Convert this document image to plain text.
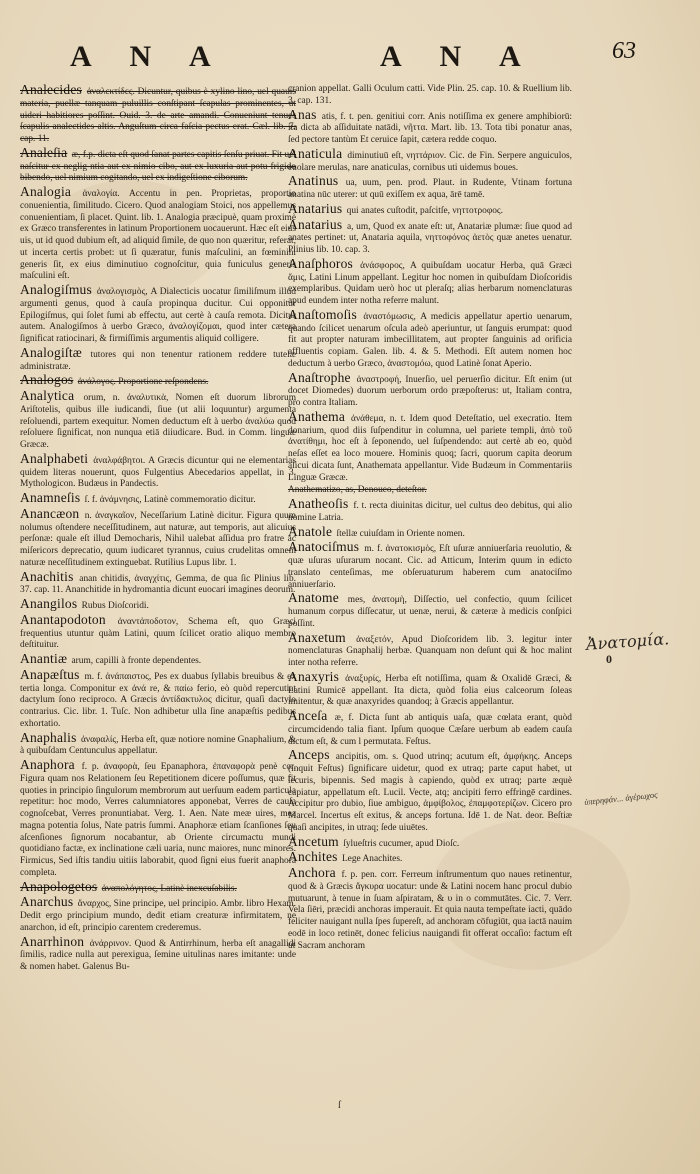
A N A	A N A	63
Analecides ἀναλεκτίδες. Dicuntur, quibus è xylino lino, uel quauis materia, puellæ tanquam puluillis conſtipant ſcapulas prominentes, ut uideri habitiores poſſint. Ouid. 3. de arte amandi. Conueniunt tenues ſcapulis analectides altis. Anguſtum circa faſcia pectus erat. Cæl. lib. 7. cap. 11.
Analeſia æ, f.p. dicta eſt quod ſanat partes capitis ſenſu priuat. Fit uel naſcitur ex neglig ntia aut ex nimio cibo, aut ex luxuria aut potu frigido bibendo, uel nimium cogitando, uel ex indigeſtione ciborum.
Analogia ἀναλογία. Accentu in pen. Proprietas, proportio conuenientia, ſimilitudo. Cicero. Quod analogiam Stoici, nos appellemus conuenientiam, ſi placet. Quint. lib. 1. Analogia præcipuè, quam proximè ex Græco transferentes in latinum Proportionem uocauerunt. Hæc eſt eius uis, ut id quod dubium eſt, ad aliquid ſimile, de quo non quæritur, referat, ut incerta certis probet: ut ſi quæratur, funis maſculini, an fœminini generis ſit, ex eius diminutiuo cognoſcitur, quia funiculus generis maſculini eſt.
Analogiſmus ἀναλογισμὸς, A Dialecticis uocatur ſimiliſmum illud argumenti genus, quod à cauſa propinqua ducitur. Cui opponitur Epilogiſmus, qui ſolet ſumi ab effectu, aut certè à cauſa remota. Dicitur autem. Analogiſmos à uerbo Græco, ἀναλογίζομαι, quod inter cætera ſignificat ratiocinari, & firmiſſimis argumentis aliquid colligere.
Analogiſtæ tutores qui non tenentur rationem reddere tutelæ administratæ.
Analogos ἀνάλογος. Proportione reſpondens.
Analytica orum, n. ἀναλυτικὰ, Nomen eſt duorum librorum Ariſtotelis, quibus ille iudicandi, ſiue (ut alii loquuntur) argumenta reſoluendi, partem exequitur. Nomen deductum eſt à uerbo ἀναλύω quod reſoluere ſignificat, non nunqua etiā diiudicare. Bud. in Comm. linguæ Græcæ.
Analphabeti ἀναλφάβητοι. A Græcis dicuntur qui ne elementarias quidem literas nouerunt, quos Fulgentius Abecedarios appellat, in 3. Mythologicon. Budæus in Pandectis.
Anamneſis ſ. f. ἀνάμνησις, Latinè commemoratio dicitur.
Anancæon n. ἀναγκαῖον, Neceſſarium Latinè dicitur. Figura quum nolumus oſtendere neceſſitudinem, aut naturæ, aut temporis, aut alicuius perſonæ: quale eſt illud Democharis, Nihil ualebat aſſidua pro fratre ac miſericors deprecatio, quum iudicaret tyrannus, cuius crudelitas omnem naturæ neceſſitudinem extinguebat. Rutilius Lupus libr. 1.
Anachitis anan chitidis, ἀναγχίτις, Gemma, de qua ſic Plinius lib. 37. cap. 11. Ananchitide in hydromantia dicunt euocari imagines deorum.
Anangilos Rubus Dioſcoridi.
Anantapodoton ἀναντἀποδοτον, Schema eſt, quo Græci frequentius utuntur quàm Latini, quum ſcilicet oratio aliquo membro deſtituitur.
Anantiæ arum, capilli à fronte dependentes.
Anapæſtus m. f. ἀνάπαιστος, Pes ex duabus ſyllabis breuibus & ex tertia longa. Componitur ex ἀνά re, & παίω ferio, eò quòd repercutiat dactylum ſono reciproco. A Græcis ἀντίδακτυλος dicitur, quaſi dactylo contrarius. Cic. libr. 1. Tuſc. Non adhibetur ulla ſine anapæſtis pedibus exhortatio.
Anaphalis ἀναφαλίς, Herba eſt, quæ notiore nomine Gnaphalium, & à quibuſdam Centunculus appellatur.
Anaphora f. p. ἀναφορὰ, ſeu Epanaphora, ἐπαναφορὰ penè cor. Figura quam nos Relationem ſeu Repetitionem dicere poſſumus, quæ fit quoties in principio ſingulorum membrorum aut uerſuum eadem particula repetitur: hoc modo, Verres calumniatores apponebat, Verres de cauſa cognoſcebat, Verres pronuntiabat. Verg. 1. Aen. Nate meæ uires, mea magna potentia ſolus, Nate patris ſummi. Anaphoræ etiam ſcanſiones ſeu aſcenſiones ſignorum nocabantur, ab Oriente circumactu mundi quotidiano factæ, ex inclinatione cæli uaria, nunc maiores, nunc minores. Firmicus, Sed iſtis tandiu uitiis laborabit, quod ſigni eius fuerit anaphora completa.
Anapologetos ἀναπολόγητος, Latinè inexcuſabilis.
Anarchus ἄναρχος, Sine principe, uel principio. Ambr. libro Hexam. Dedit ergo principium mundo, dedit etiam creaturæ infirmitatem, ne anarchon, id eſt, principio carentem crederemus.
Anarrhinon ἀνάρρινον. Quod & Antirrhinum, herba eſt anagallidi ſimilis, radice nulla aut perexigua, ſemine uitulinas nares imitante: unde & nomen habet. Galenus Bu-
cranion appellat. Galli Oculum catti. Vide Plin. 25. cap. 10. & Ruellium lib. 3. cap. 131.
Anas atis, f. t. pen. genitiui corr. Anis notiſſima ex genere amphibiorū: ita dicta ab aſſiduitate natādi, νῆττα. Mart. lib. 13. Tota tibi ponatur anas, ſed pectore tantùm Et ceruice ſapit, cætera redde coquo.
Anaticula diminutiuū eſt, νηττάριον. Cic. de Fin. Serpere anguiculos, euolare merulas, nare anaticulas, cornibus uti uidemus boues.
Anatinus ua, uum, pen. prod. Plaut. in Rudente, Vtinam fortuna anatina nūc uterer: ut quū exiſſem ex aqua, ārē tamē.
Anatarius qui anates cuſtodit, paſcitſe, νηττοτροφος.
Anatarius a, um, Quod ex anate eſt: ut, Anatariæ plumæ: ſiue quod ad anates pertinet: ut, Anataria aquila, νηττοφόνος ἀετὸς quæ anetes uenatur. Plinius lib. 10. cap. 3.
Anaſphoros ἀνάσφορος, A quibuſdam uocatur Herba, quā Græci ἄμις, Latini Linum appellant. Legitur hoc nomen in quibuſdam Dioſcoridis exemplaribus. Quidam uerò hoc ut pleraſq; alias herbarum nomenclaturas apud eundem inter notha referre malunt.
Anaſtomoſis ἀναστόμωσις, A medicis appellatur apertio uenarum, quando ſcilicet uenarum oſcula adeò aperiuntur, ut ſanguis erumpat: quod fit aut propter naturam imbecillitatem, aut propter ſanguinis ad orificia affluentis copiam. Galen. lib. 4. & 5. Methodi. Eſt autem nomen hoc deductum à uerbo Græco, ἀναστομόω, quod Latinè ſonat Aperio.
Anaſtrophe ἀναστροφή, Inuerſio, uel peruerſio dicitur. Eſt enim (ut docet Diomedes) duorum uerborum ordo præpoſterus: ut, Italiam contra, pro contra Italiam.
Anathema ἀνάθεμα, n. t. Idem quod Deteſtatio, uel execratio. Item donarium, quod diis ſuſpenditur in columna, uel pariete templi, ἀπὸ τοῦ ἀνατίθημι, hoc eſt à ſeponendo, uel ſuſpendendo: aut certè ab eo, quòd neſas eſſet ea loco mouere. Hominis quoq; ſacri, quorum capita deorum alicui dicata ſunt, Anathemata appellantur. Vide Budæum in Commentariis Linguæ Græcæ.
Anathematizo, as, Denoueo, deteſtor.
Anatheoſis f. t. recta diuinitas dicitur, uel cultus deo debitus, qui alio nomine Latria.
Anatole ſtellæ cuiuſdam in Oriente nomen.
Anatociſmus m. f. ἀνατοκισμὸς, Eſt uſuræ anniuerſaria reuolutio, & quæ uſuras uſurarum nocant. Cic. ad Atticum, Interim quum in edicto translato centeſimas, me obſeruaturum haberem cum anatociſmo anniuerſario.
Anatome mes, ἀνατομὴ, Diſſectio, uel confectio, quum ſcilicet humanum corpus diſſecatur, ut uenæ, nerui, & cæteræ à medicis conſpici poſſint.
Anaxetum ἀναξετόν, Apud Dioſcoridem lib. 3. legitur inter nomenclaturas Gnaphalij herbæ. Quanquam non deſunt qui & hoc malint inter notha referre.
Anaxyris ἀναξυρίς, Herba eſt notiſſima, quam & Oxalidē Græci, & Latini Rumicē appellant. Ita dicta, quòd folia eius calceorum ſoleas imitentur, & quæ anaxyrides quandoq; à Græcis appellantur.
Anceſa æ, f. Dicta ſunt ab antiquis uaſa, quæ cœlata erant, quòd circumcidendo talia fiant. Ipſum quoque Cæſare uerbum ab eadem cauſa dictum eſt, & cum l permutata. Feſtus.
Anceps ancipitis, om. s. Quod utrinq; acutum eſt, ἀμφήκης. Anceps (inquit Feſtus) ſignificare uidetur, quod ex utraq; parte caput habet, ut ſecuris, bipennis. Sed magis à capiendo, quòd ex utraq; parte æquè capiatur, appellatum eſt. Lucil. Vecte, atq; ancipiti ferro effringē cardines. Accipitur pro dubio, ſiue ambiguo, ἀμφίβολος, ἐπαμφοτερίζων. Cicero pro Marcel. Incertus eſt exitus, & anceps fortuna. Idē 1. de Nat. deor. Beſtiæ quaſi ancipites, in utraq; ſede uiuētes.
Ancetum ſylueſtris cucumer, apud Dioſc.
Anchites Lege Anachites.
Anchora f. p. pen. corr. Ferreum inſtrumentum quo naues retinentur, quod & à Græcis ἄγκυρα uocatur: unde & Latini nocem hanc procul dubio mutuarunt, à tenue in ſuam aſpiratam, & υ in o commutātes. Cic. 7. Verr. Vela ſiēri, præcidi anchoras imperauit. Et quia nauta tempeſtate iacti, quādo feliciter nauigant nulla ſpes ſupereſt, ad anchoram cōfugiūt, qua iactā nauim eodē in loco retinēt, donec felicius nauigandi fit offerat occaſio: factum eſt ut Sacram anchoram
Ἀνατομία.
0
ὑπερηφάν... ἀγέρωχος
ſ
